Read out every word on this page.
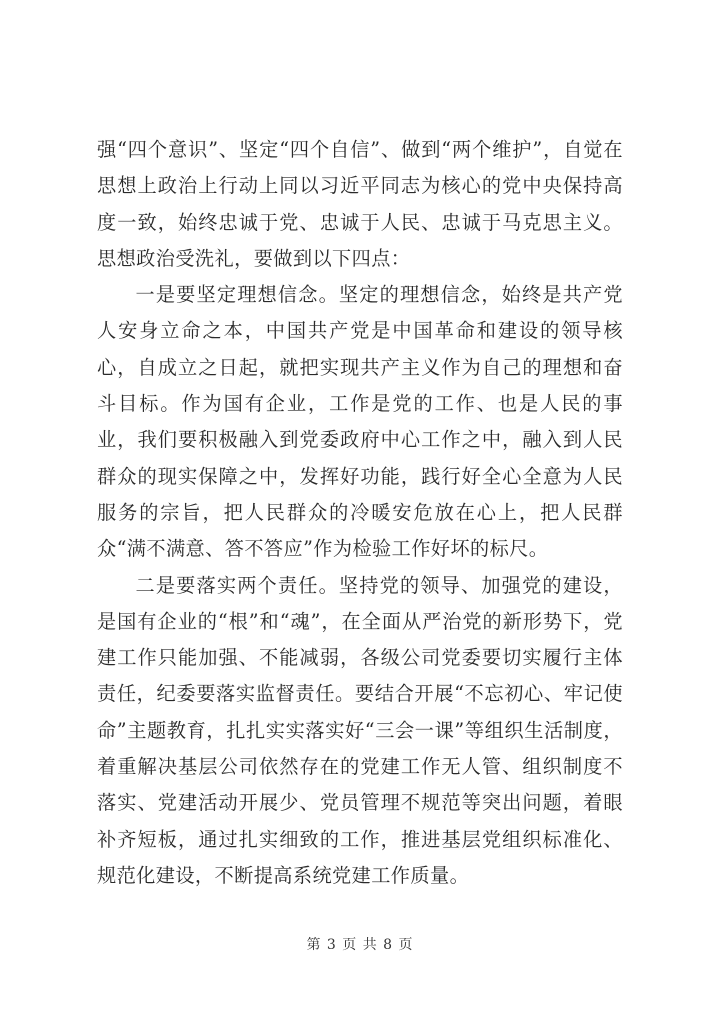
强“四个意识”、坚定“四个自信”、做到“两个维护”，自觉在思想上政治上行动上同以习近平同志为核心的党中央保持高度一致，始终忠诚于党、忠诚于人民、忠诚于马克思主义。思想政治受洗礼，要做到以下四点：

一是要坚定理想信念。坚定的理想信念，始终是共产党人安身立命之本，中国共产党是中国革命和建设的领导核心，自成立之日起，就把实现共产主义作为自己的理想和奋斗目标。作为国有企业，工作是党的工作、也是人民的事业，我们要积极融入到党委政府中心工作之中，融入到人民群众的现实保障之中，发挥好功能，践行好全心全意为人民服务的宗旨，把人民群众的冷暖安危放在心上，把人民群众“满不满意、答不答应”作为检验工作好坏的标尺。

二是要落实两个责任。坚持党的领导、加强党的建设，是国有企业的“根”和“魂”，在全面从严治党的新形势下，党建工作只能加强、不能减弱，各级公司党委要切实履行主体责任，纪委要落实监督责任。要结合开展“不忘初心、牢记使命”主题教育，扎扎实实落实好“三会一课”等组织生活制度，着重解决基层公司依然存在的党建工作无人管、组织制度不落实、党建活动开展少、党员管理不规范等突出问题，着眼补齐短板，通过扎实细致的工作，推进基层党组织标准化、规范化建设，不断提高系统党建工作质量。

第 3 页 共 8 页
